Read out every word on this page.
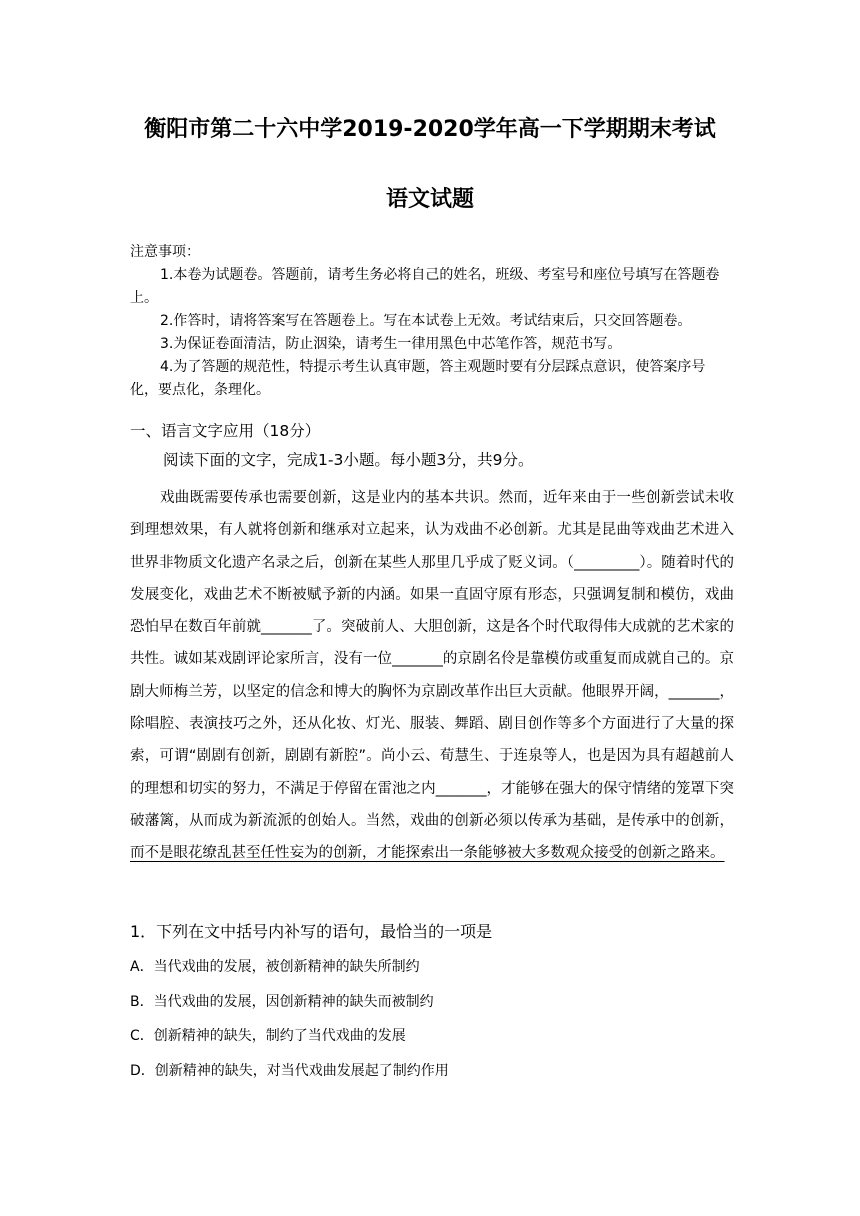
衡阳市第二十六中学2019-2020学年高一下学期期末考试
语文试题
注意事项：

1.本卷为试题卷。答题前，请考生务必将自己的姓名，班级、考室号和座位号填写在答题卷上。

2.作答时，请将答案写在答题卷上。写在本试卷上无效。考试结束后，只交回答题卷。

3.为保证卷面清洁，防止洇染，请考生一律用黑色中芯笔作答，规范书写。

4.为了答题的规范性，特提示考生认真审题，答主观题时要有分层踩点意识，使答案序号化，要点化，条理化。

一、语言文字应用（18分）
阅读下面的文字，完成1-3小题。每小题3分，共9分。
戏曲既需要传承也需要创新，这是业内的基本共识。然而，近年来由于一些创新尝试未收到理想效果，有人就将创新和继承对立起来，认为戏曲不必创新。尤其是昆曲等戏曲艺术进入世界非物质文化遗产名录之后，创新在某些人那里几乎成了贬义词。（_________）。随着时代的发展变化，戏曲艺术不断被赋予新的内涵。如果一直固守原有形态，只强调复制和模仿，戏曲恐怕早在数百年前就_______了。突破前人、大胆创新，这是各个时代取得伟大成就的艺术家的共性。诚如某戏剧评论家所言，没有一位_______的京剧名伶是靠模仿或重复而成就自己的。京剧大师梅兰芳，以坚定的信念和博大的胸怀为京剧改革作出巨大贡献。他眼界开阔，_______，除唱腔、表演技巧之外，还从化妆、灯光、服装、舞蹈、剧目创作等多个方面进行了大量的探索，可谓“剧剧有创新，剧剧有新腔”。尚小云、荀慧生、于连泉等人，也是因为具有超越前人的理想和切实的努力，不满足于停留在雷池之内_______，才能够在强大的保守情绪的笼罩下突破藩篱，从而成为新流派的创始人。当然，戏曲的创新必须以传承为基础，是传承中的创新，而不是眼花缭乱甚至任性妄为的创新，才能探索出一条能够被大多数观众接受的创新之路来。
1．下列在文中括号内补写的语句，最恰当的一项是
A．当代戏曲的发展，被创新精神的缺失所制约
B．当代戏曲的发展，因创新精神的缺失而被制约
C．创新精神的缺失，制约了当代戏曲的发展
D．创新精神的缺失，对当代戏曲发展起了制约作用
